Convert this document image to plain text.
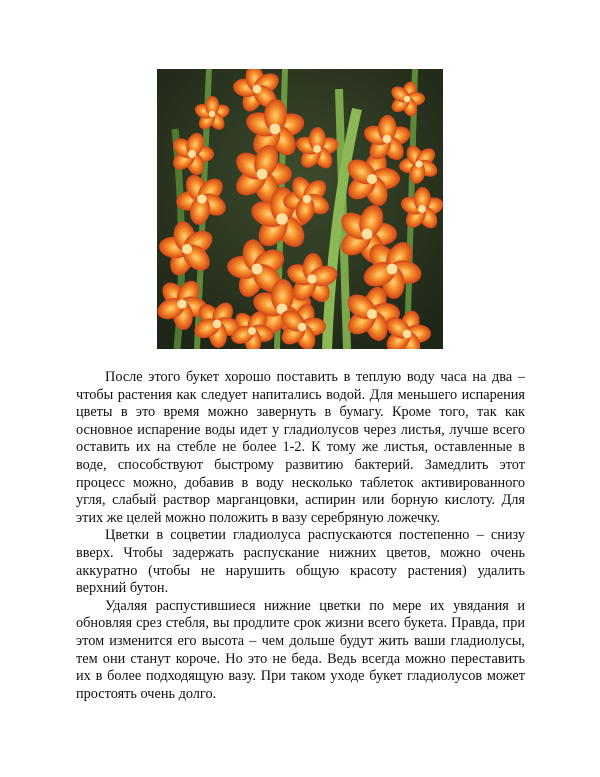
После этого букет хорошо поставить в теплую воду часа на два – чтобы растения как следует напитались водой. Для меньшего испарения цветы в это время можно завернуть в бумагу. Кроме того, так как основное испарение воды идет у гладиолусов через листья, лучше всего оставить их на стебле не более 1-2. К тому же листья, оставленные в воде, способствуют быстрому развитию бактерий. Замедлить этот процесс можно, добавив в воду несколько таблеток активированного угля, слабый раствор марганцовки, аспирин или борную кислоту. Для этих же целей можно положить в вазу серебряную ложечку.

Цветки в соцветии гладиолуса распускаются постепенно – снизу вверх. Чтобы задержать распускание нижних цветов, можно очень аккуратно (чтобы не нарушить общую красоту растения) удалить верхний бутон.

Удаляя распустившиеся нижние цветки по мере их увядания и обновляя срез стебля, вы продлите срок жизни всего букета. Правда, при этом изменится его высота – чем дольше будут жить ваши гладиолусы, тем они станут короче. Но это не беда. Ведь всегда можно переставить их в более подходящую вазу. При таком уходе букет гладиолусов может простоять очень долго.
